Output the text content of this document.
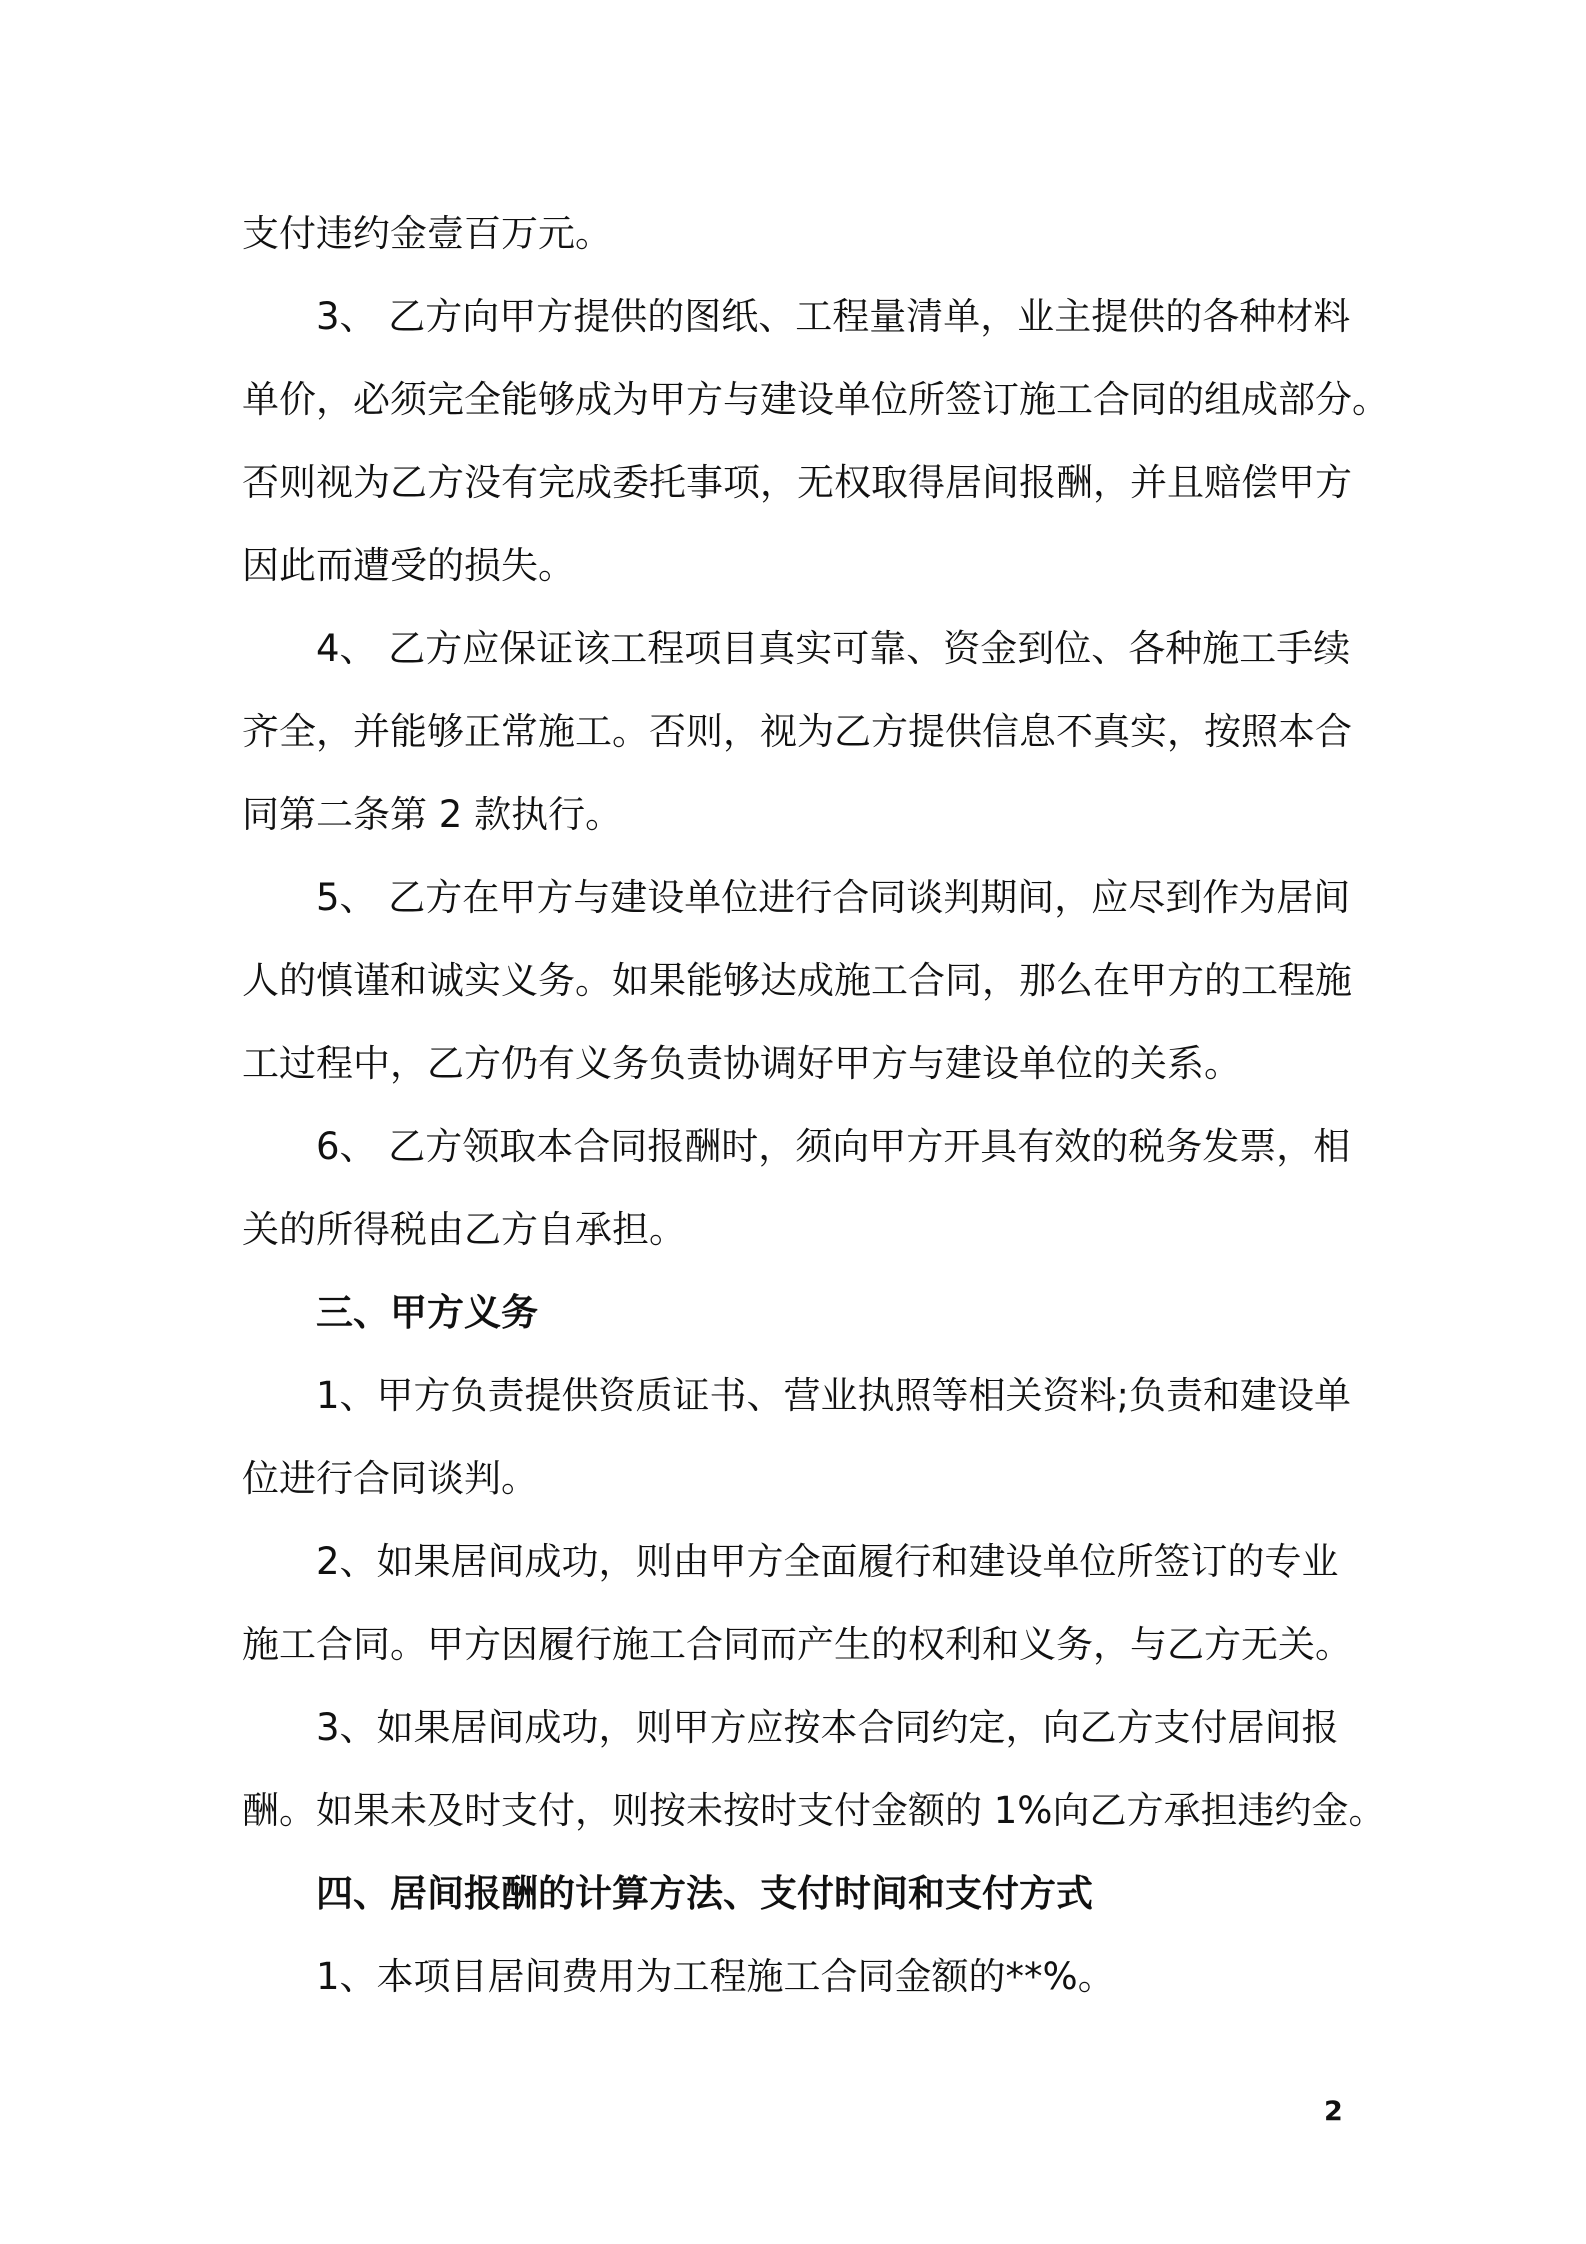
支付违约金壹百万元。
3、 乙方向甲方提供的图纸、工程量清单，业主提供的各种材料
单价，必须完全能够成为甲方与建设单位所签订施工合同的组成部分。
否则视为乙方没有完成委托事项，无权取得居间报酬，并且赔偿甲方
因此而遭受的损失。
4、 乙方应保证该工程项目真实可靠、资金到位、各种施工手续
齐全，并能够正常施工。否则，视为乙方提供信息不真实，按照本合
同第二条第 2 款执行。
5、 乙方在甲方与建设单位进行合同谈判期间，应尽到作为居间
人的慎谨和诚实义务。如果能够达成施工合同，那么在甲方的工程施
工过程中，乙方仍有义务负责协调好甲方与建设单位的关系。
6、 乙方领取本合同报酬时，须向甲方开具有效的税务发票，相
关的所得税由乙方自承担。
三、甲方义务
1、甲方负责提供资质证书、营业执照等相关资料;负责和建设单
位进行合同谈判。
2、如果居间成功，则由甲方全面履行和建设单位所签订的专业
施工合同。甲方因履行施工合同而产生的权利和义务，与乙方无关。
3、如果居间成功，则甲方应按本合同约定，向乙方支付居间报
酬。如果未及时支付，则按未按时支付金额的 1%向乙方承担违约金。
四、居间报酬的计算方法、支付时间和支付方式
1、本项目居间费用为工程施工合同金额的**%。
2
